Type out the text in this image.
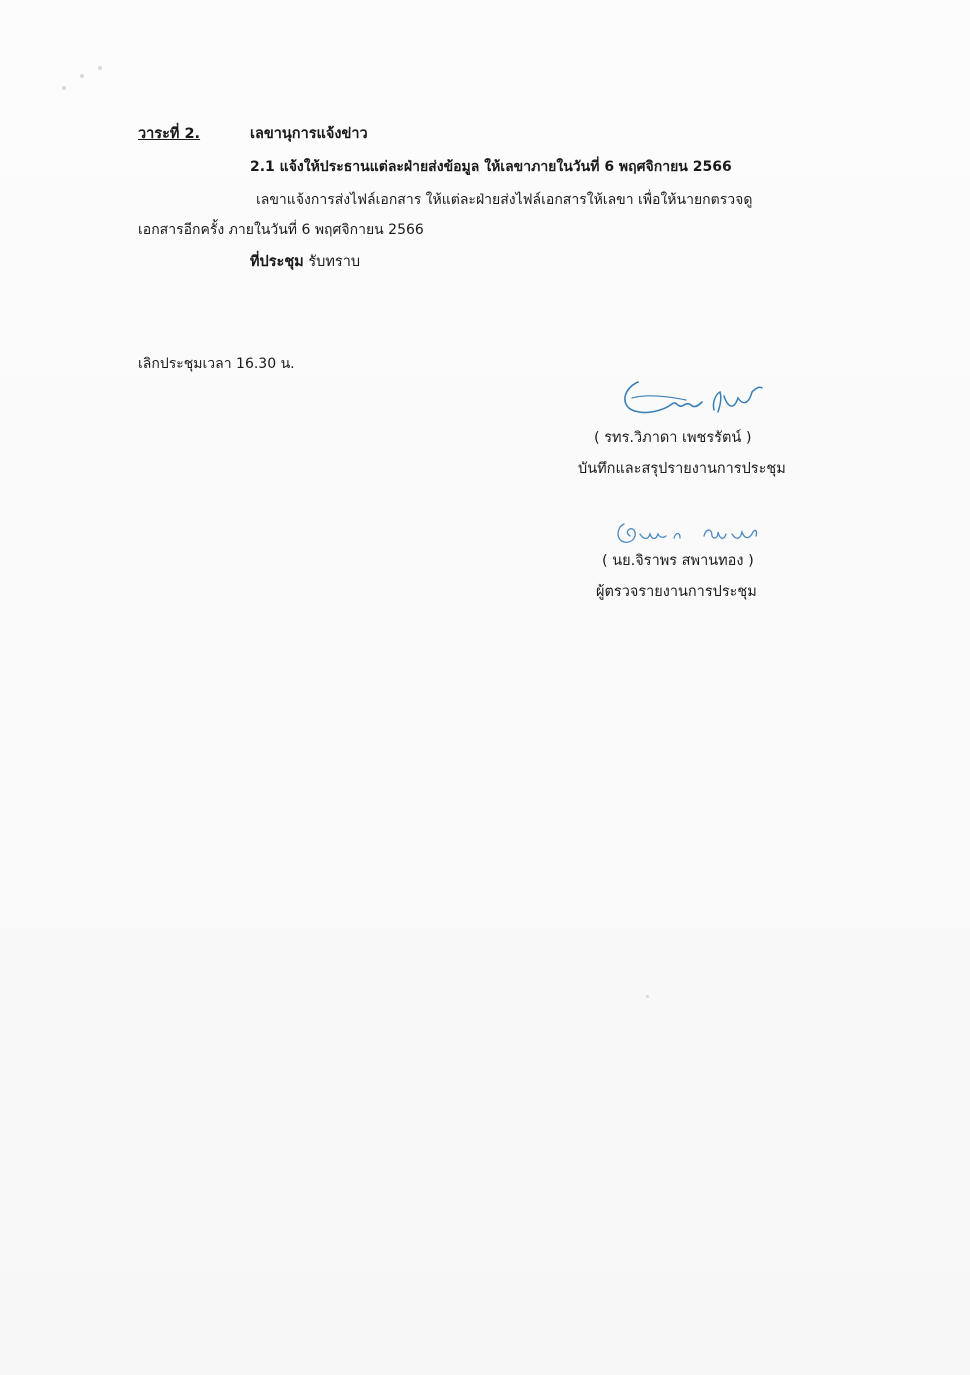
วาระที่ 2.	เลขานุการแจ้งข่าว
2.1 แจ้งให้ประธานแต่ละฝ่ายส่งข้อมูล ให้เลขาภายในวันที่ 6 พฤศจิกายน 2566
เลขาแจ้งการส่งไฟล์เอกสาร ให้แต่ละฝ่ายส่งไฟล์เอกสารให้เลขา เพื่อให้นายกตรวจดู
เอกสารอีกครั้ง ภายในวันที่ 6 พฤศจิกายน 2566
ที่ประชุม รับทราบ
เลิกประชุมเวลา 16.30 น.
( รทร.วิภาดา เพชรรัตน์ )
บันทึกและสรุปรายงานการประชุม
( นย.จิราพร สพานทอง )
ผู้ตรวจรายงานการประชุม
